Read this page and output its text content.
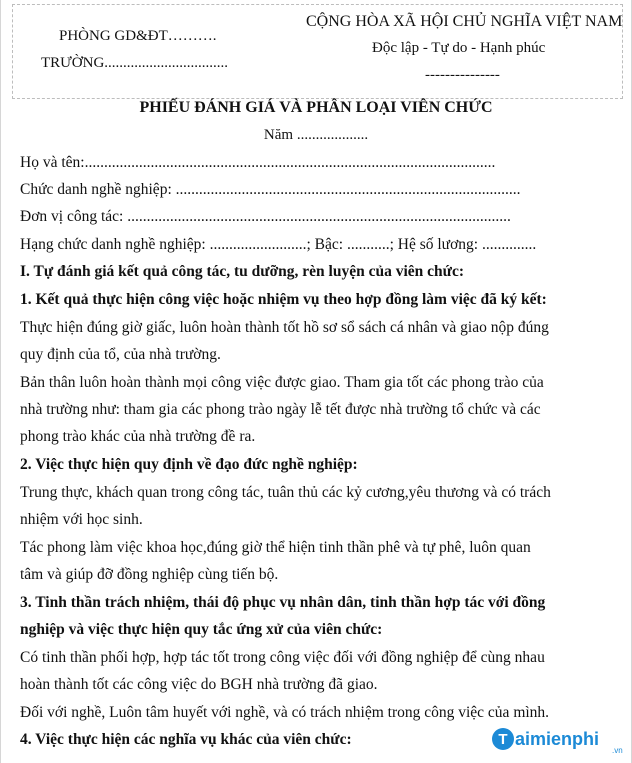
PHÒNG GD&ĐT……….
TRƯỜNG.................................
CỘNG HÒA XÃ HỘI CHỦ NGHĨA VIỆT NAM
Độc lập - Tự do - Hạnh phúc
---------------
PHIẾU ĐÁNH GIÁ VÀ PHÂN LOẠI VIÊN CHỨC
Năm ...................
Họ và tên:..........................................................................................................
Chức danh nghề nghiệp: .........................................................................................
Đơn vị công tác: ...................................................................................................
Hạng chức danh nghề nghiệp: .........................; Bậc: ...........; Hệ số lương: ..............
I. Tự đánh giá kết quả công tác, tu dưỡng, rèn luyện của viên chức:
1. Kết quả thực hiện công việc hoặc nhiệm vụ theo hợp đồng làm việc đã ký kết:
Thực hiện đúng giờ giấc, luôn hoàn thành tốt hồ sơ sổ sách cá nhân và giao nộp đúng
quy định của tổ, của nhà trường.
Bản thân luôn hoàn thành mọi công việc được giao. Tham gia tốt các phong trào của
nhà trường như: tham gia các phong trào ngày lễ tết được nhà trường tổ chức và các
phong trào khác của nhà trường đề ra.
2. Việc thực hiện quy định về đạo đức nghề nghiệp:
Trung thực, khách quan trong công tác, tuân thủ các kỷ cương,yêu thương và có trách
nhiệm với học sinh.
Tác phong làm việc khoa học,đúng giờ thể hiện tinh thần phê và tự phê, luôn quan
tâm và giúp đỡ đồng nghiệp cùng tiến bộ.
3. Tinh thần trách nhiệm, thái độ phục vụ nhân dân, tinh thần hợp tác với đồng
nghiệp và việc thực hiện quy tắc ứng xử của viên chức:
Có tinh thần phối hợp, hợp tác tốt trong công việc đối với đồng nghiệp để cùng nhau
hoàn thành tốt các công việc do BGH nhà trường đã giao.
Đối với nghề, Luôn tâm huyết với nghề, và có trách nhiệm trong công việc của mình.
4. Việc thực hiện các nghĩa vụ khác của viên chức:	T aimienphi
.vn
